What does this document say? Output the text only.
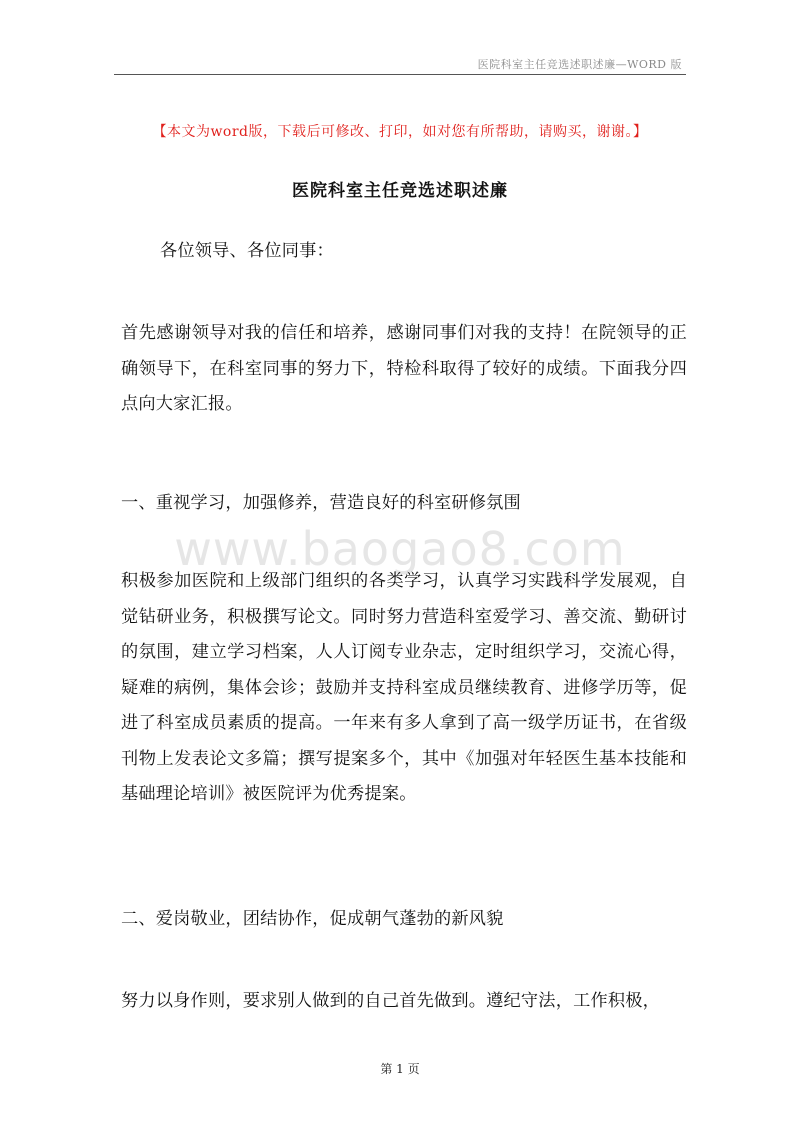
医院科室主任竞选述职述廉—WORD 版
【本文为word版，下载后可修改、打印，如对您有所帮助，请购买，谢谢。】
医院科室主任竞选述职述廉

各位领导、各位同事：

首先感谢领导对我的信任和培养，感谢同事们对我的支持！在院领导的正确领导下，在科室同事的努力下，特检科取得了较好的成绩。下面我分四点向大家汇报。

一、重视学习，加强修养，营造良好的科室研修氛围

www.baogao8.com

积极参加医院和上级部门组织的各类学习，认真学习实践科学发展观，自觉钻研业务，积极撰写论文。同时努力营造科室爱学习、善交流、勤研讨的氛围，建立学习档案，人人订阅专业杂志，定时组织学习，交流心得，疑难的病例，集体会诊；鼓励并支持科室成员继续教育、进修学历等，促进了科室成员素质的提高。一年来有多人拿到了高一级学历证书，在省级刊物上发表论文多篇；撰写提案多个，其中《加强对年轻医生基本技能和基础理论培训》被医院评为优秀提案。

二、爱岗敬业，团结协作，促成朝气蓬勃的新风貌

努力以身作则，要求别人做到的自己首先做到。遵纪守法，工作积极，

第 1 页
